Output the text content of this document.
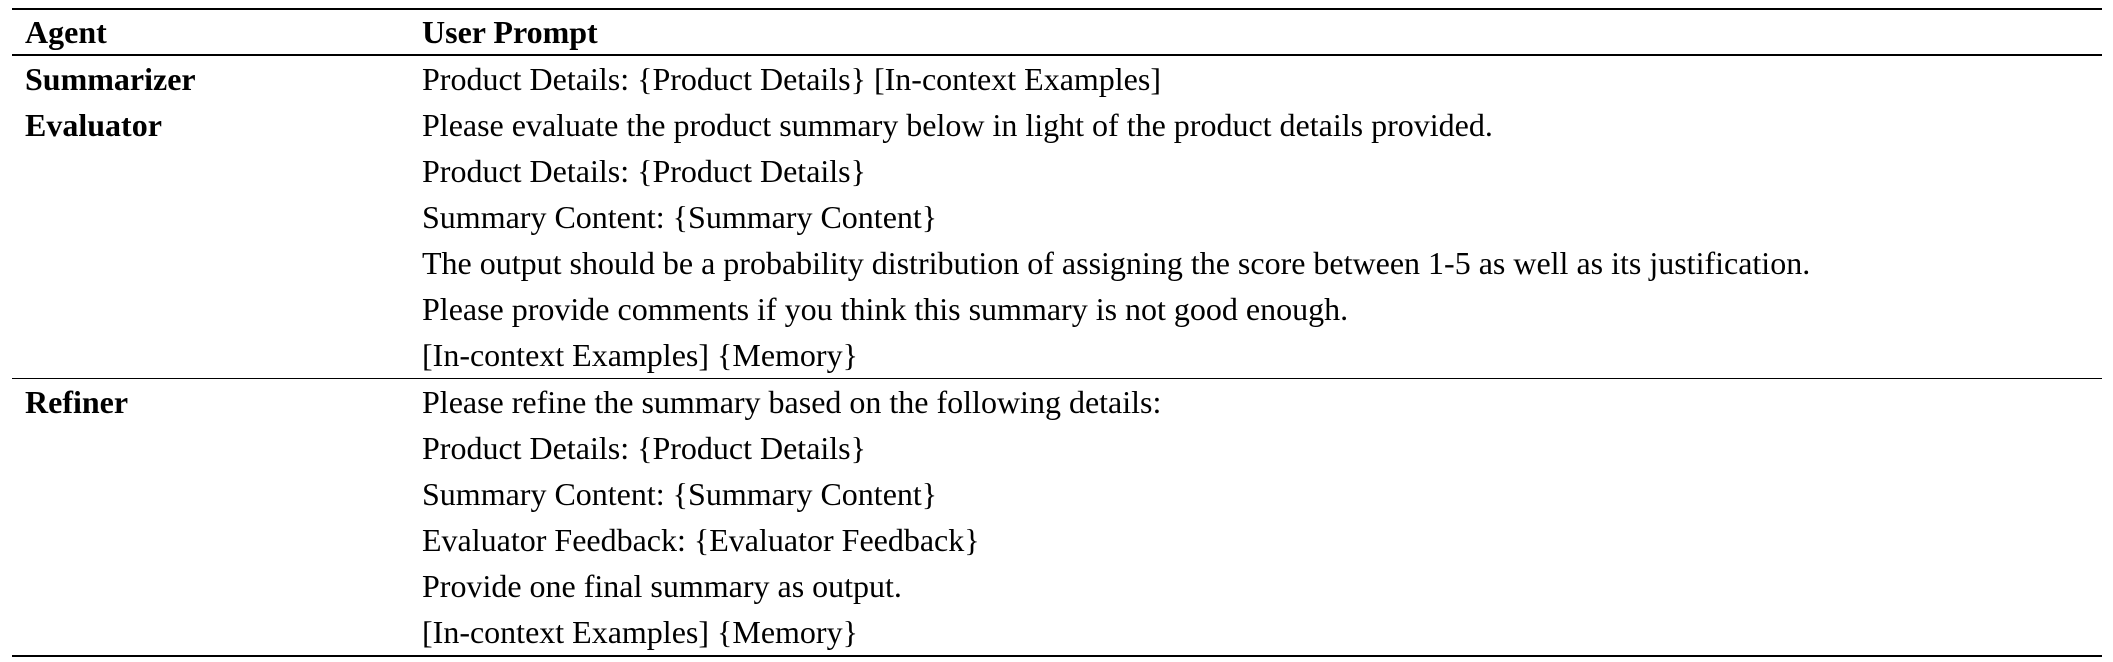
Agent	User Prompt
Summarizer	Product Details: {Product Details} [In-context Examples]
Evaluator	Please evaluate the product summary below in light of the product details provided.
Product Details: {Product Details}
Summary Content: {Summary Content}
The output should be a probability distribution of assigning the score between 1-5 as well as its justification.
Please provide comments if you think this summary is not good enough.
[In-context Examples] {Memory}
Refiner	Please refine the summary based on the following details:
Product Details: {Product Details}
Summary Content: {Summary Content}
Evaluator Feedback: {Evaluator Feedback}
Provide one final summary as output.
[In-context Examples] {Memory}
